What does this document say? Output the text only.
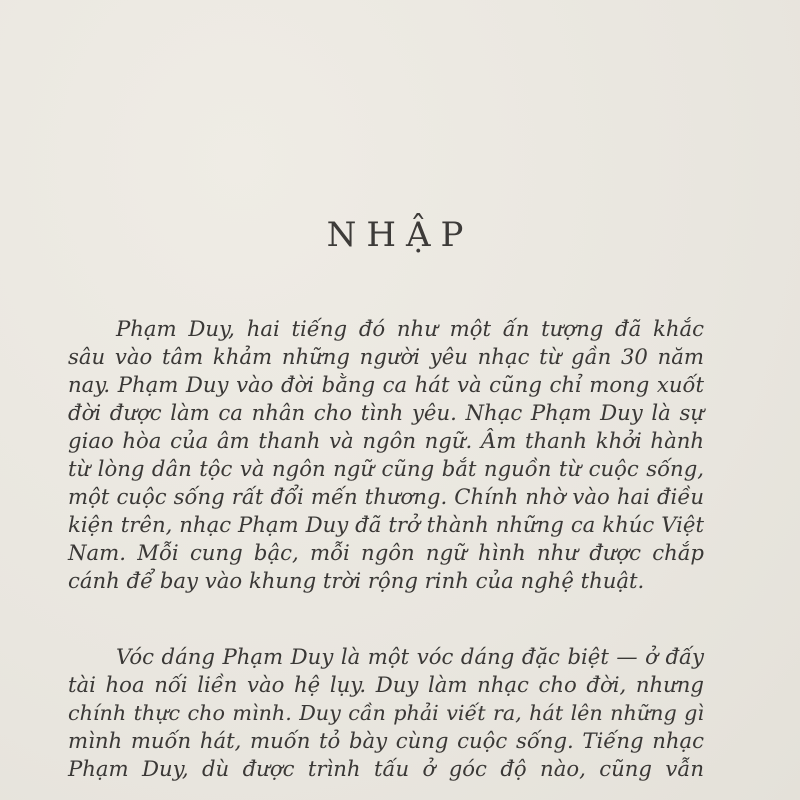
NHẬP
Phạm Duy, hai tiếng đó như một ấn tượng đã khắc
sâu vào tâm khảm những người yêu nhạc từ gần 30 năm
nay. Phạm Duy vào đời bằng ca hát và cũng chỉ mong xuốt
đời được làm ca nhân cho tình yêu. Nhạc Phạm Duy là sự
giao hòa của âm thanh và ngôn ngữ. Âm thanh khởi hành
từ lòng dân tộc và ngôn ngữ cũng bắt nguồn từ cuộc sống,
một cuộc sống rất đổi mến thương. Chính nhờ vào hai điều
kiện trên, nhạc Phạm Duy đã trở thành những ca khúc Việt
Nam. Mỗi cung bậc, mỗi ngôn ngữ hình như được chắp
cánh để bay vào khung trời rộng rinh của nghệ thuật.
Vóc dáng Phạm Duy là một vóc dáng đặc biệt — ở đấy
tài hoa nối liền vào hệ lụy. Duy làm nhạc cho đời, nhưng
chính thực cho mình. Duy cần phải viết ra, hát lên những gì
mình muốn hát, muốn tỏ bày cùng cuộc sống. Tiếng nhạc
Phạm Duy, dù được trình tấu ở góc độ nào, cũng vẫn
